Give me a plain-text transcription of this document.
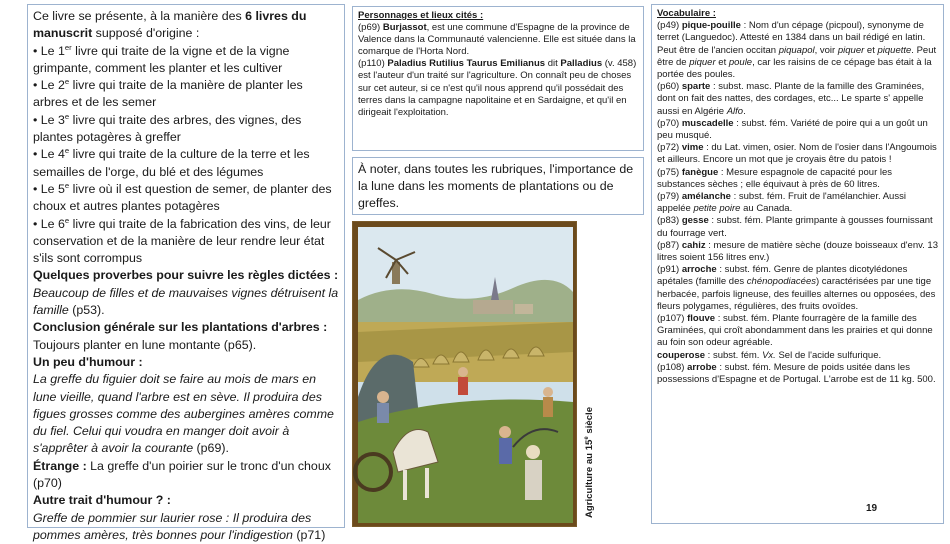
Ce livre se présente, à la manière des 6 livres du manuscrit supposé d'origine :

• Le 1er livre qui traite de la vigne et de la vigne grimpante, comment les planter et les cultiver

• Le 2e livre qui traite de la manière de planter les arbres et de les semer

• Le 3e livre qui traite des arbres, des vignes, des plantes potagères à greffer

• Le 4e livre qui traite de la culture de la terre et les semailles de l'orge, du blé et des légumes

• Le 5e livre où il est question de semer, de planter des choux et autres plantes potagères

• Le 6e livre qui traite de la fabrication des vins, de leur conservation et de la manière de leur rendre leur état s'ils sont corrompus

Quelques proverbes pour suivre les règles dictées :

Beaucoup de filles et de mauvaises vignes détruisent la famille (p53).

Conclusion générale sur les plantations d'arbres :

Toujours planter en lune montante (p65).

Un peu d'humour :

La greffe du figuier doit se faire au mois de mars en lune vieille, quand l'arbre est en sève. Il produira des figues grosses comme des aubergines amères comme du fiel. Celui qui voudra en manger doit avoir à s'apprêter à avoir la courante (p69).

Étrange : La greffe d'un poirier sur le tronc d'un choux (p70)

Autre trait d'humour ? :

Greffe de pommier sur laurier rose : Il produira des pommes amères, très bonnes pour l'indigestion (p71)

Personnages et lieux cités :

(p69) Burjassot, est une commune d'Espagne de la province de Valence dans la Communauté valencienne. Elle est située dans la comarque de l'Horta Nord.

(p110) Paladius Rutilius Taurus Emilianus dit Palladius (v. 458) est l'auteur d'un traité sur l'agriculture. On connaît peu de choses sur cet auteur, si ce n'est qu'il nous apprend qu'il possédait des terres dans la campagne napolitaine et en Sardaigne, et qu'il en dirigeait l'exploitation.

À noter, dans toutes les rubriques, l'importance de la lune dans les moments de plantations ou de greffes.
Agriculture au 15e siècle

Vocabulaire :

(p49) pique-pouille : Nom d'un cépage (picpoul), synonyme de terret (Languedoc). Attesté en 1384 dans un bail rédigé en latin. Peut être de l'ancien occitan piquapol, voir piquer et piquette. Peut être de piquer et poule, car les raisins de ce cépage bas était à la portée des poules.

(p60) sparte : subst. masc. Plante de la famille des Graminées, dont on fait des nattes, des cordages, etc... Le sparte s' appelle aussi en Algérie Alfo.

(p70) muscadelle : subst. fém. Variété de poire qui a un goût un peu musqué.

(p72) vime : du Lat. vimen, osier. Nom de l'osier dans l'Angoumois et ailleurs. Encore un mot que je croyais être du patois !

(p75) fanègue : Mesure espagnole de capacité pour les substances sèches ; elle équivaut à près de 60 litres.

(p79) amélanche : subst. fém. Fruit de l'amélanchier. Aussi appelée petite poire au Canada.

(p83) gesse : subst. fém. Plante grimpante à gousses fournissant du fourrage vert.

(p87) cahiz : mesure de matière sèche (douze boisseaux d'env. 13 litres soient 156 litres env.)

(p91) arroche : subst. fém. Genre de plantes dicotylédones apétales (famille des chénopodiacées) caractérisées par une tige herbacée, parfois ligneuse, des feuilles alternes ou opposées, des fleurs polygames, régulières, des fruits ovoïdes.

(p107) flouve : subst. fém. Plante fourragère de la famille des Graminées, qui croît abondamment dans les prairies et qui donne au foin son odeur agréable.

couperose : subst. fém. Vx. Sel de l'acide sulfurique.

(p108) arrobe : subst. fém. Mesure de poids usitée dans les possessions d'Espagne et de Portugal. L'arrobe est de 11 kg. 500.

19
